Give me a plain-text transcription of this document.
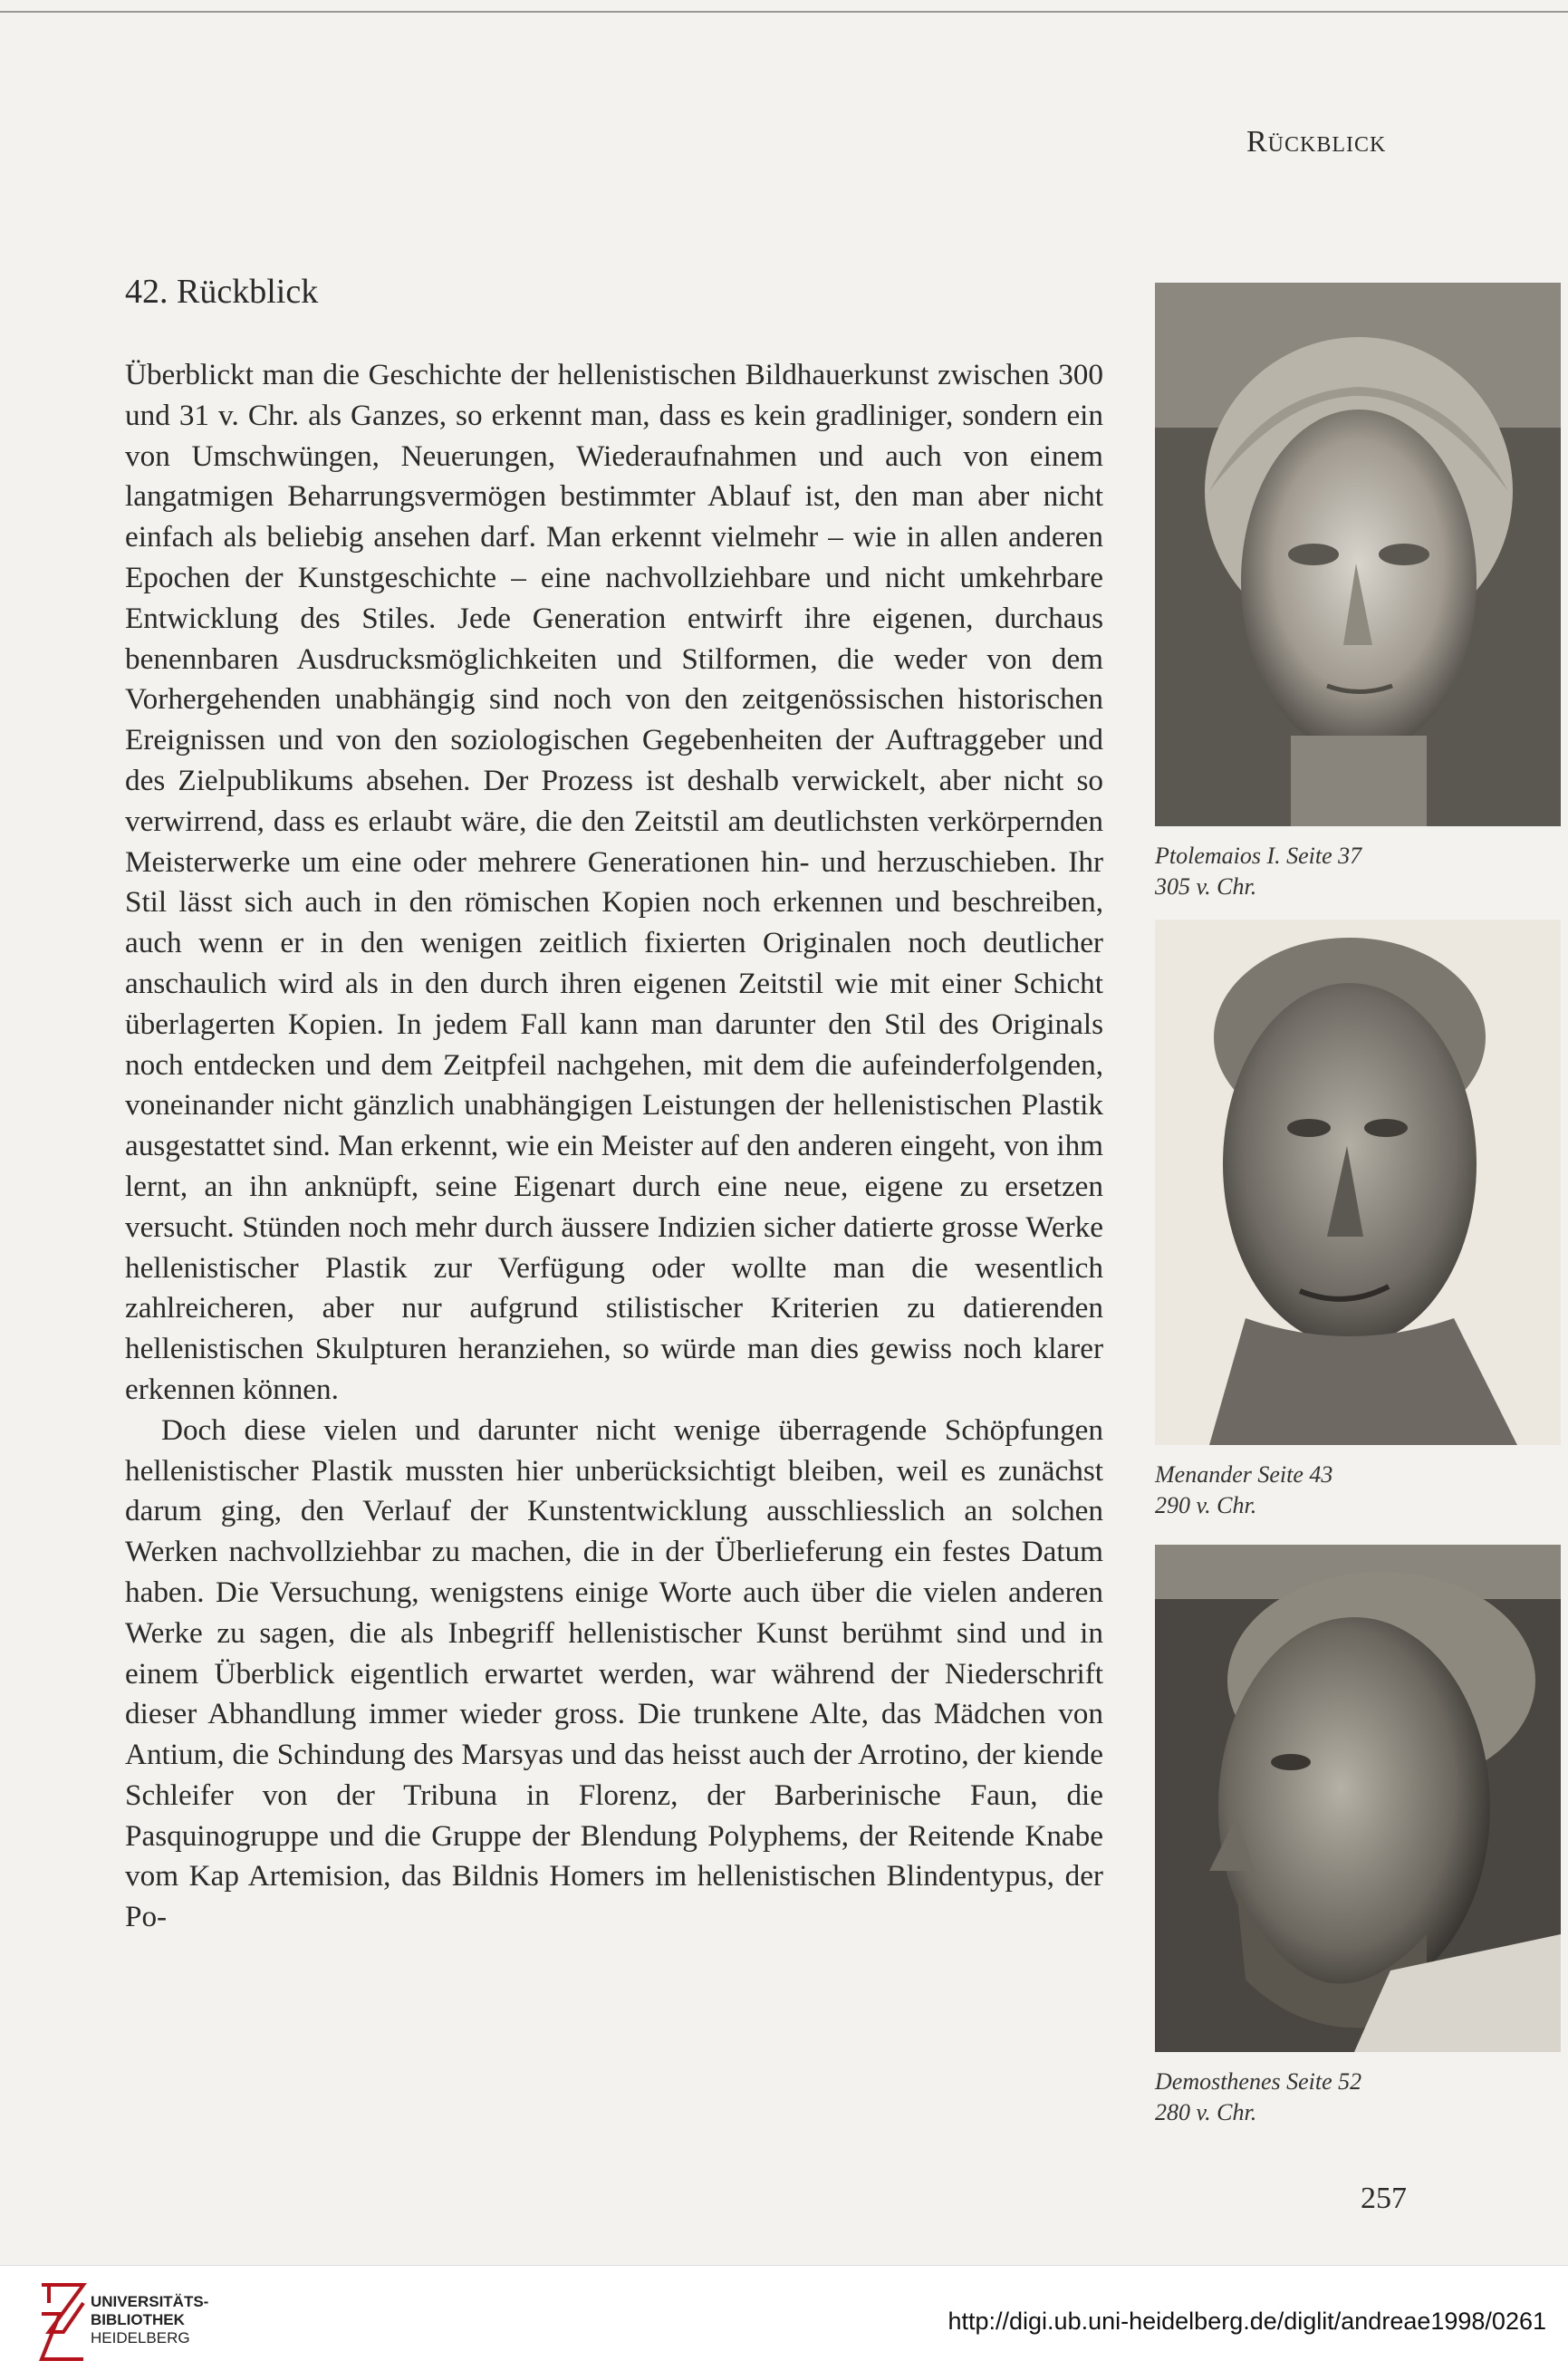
Rückblick
42. Rückblick

Überblickt man die Geschichte der hellenistischen Bildhauerkunst zwischen 300 und 31 v. Chr. als Ganzes, so erkennt man, dass es kein gradliniger, sondern ein von Umschwüngen, Neuerungen, Wiederaufnahmen und auch von einem langatmigen Beharrungsvermögen bestimmter Ablauf ist, den man aber nicht einfach als beliebig ansehen darf. Man erkennt vielmehr – wie in allen anderen Epochen der Kunstgeschichte – eine nachvollziehbare und nicht umkehrbare Entwicklung des Stiles. Jede Generation entwirft ihre eigenen, durchaus benennbaren Ausdrucksmöglichkeiten und Stilformen, die weder von dem Vorhergehenden unabhängig sind noch von den zeitgenössischen historischen Ereignissen und von den soziologischen Gegebenheiten der Auftraggeber und des Zielpublikums absehen. Der Prozess ist deshalb verwickelt, aber nicht so verwirrend, dass es erlaubt wäre, die den Zeitstil am deutlichsten verkörpernden Meisterwerke um eine oder mehrere Generationen hin- und herzuschieben. Ihr Stil lässt sich auch in den römischen Kopien noch erkennen und beschreiben, auch wenn er in den wenigen zeitlich fixierten Originalen noch deutlicher anschaulich wird als in den durch ihren eigenen Zeitstil wie mit einer Schicht überlagerten Kopien. In jedem Fall kann man darunter den Stil des Originals noch entdecken und dem Zeitpfeil nachgehen, mit dem die aufeinderfolgenden, voneinander nicht gänzlich unabhängigen Leistungen der hellenistischen Plastik ausgestattet sind. Man erkennt, wie ein Meister auf den anderen eingeht, von ihm lernt, an ihn anknüpft, seine Eigenart durch eine neue, eigene zu ersetzen versucht. Stünden noch mehr durch äussere Indizien sicher datierte grosse Werke hellenistischer Plastik zur Verfügung oder wollte man die wesentlich zahlreicheren, aber nur aufgrund stilistischer Kriterien zu datierenden hellenistischen Skulpturen heranziehen, so würde man dies gewiss noch klarer erkennen können.

Doch diese vielen und darunter nicht wenige überragende Schöpfungen hellenistischer Plastik mussten hier unberücksichtigt bleiben, weil es zunächst darum ging, den Verlauf der Kunstentwicklung ausschliesslich an solchen Werken nachvollziehbar zu machen, die in der Überlieferung ein festes Datum haben. Die Versuchung, wenigstens einige Worte auch über die vielen anderen Werke zu sagen, die als Inbegriff hellenistischer Kunst berühmt sind und in einem Überblick eigentlich erwartet werden, war während der Niederschrift dieser Abhandlung immer wieder gross. Die trunkene Alte, das Mädchen von Antium, die Schindung des Marsyas und das heisst auch der Arrotino, der kiende Schleifer von der Tribuna in Florenz, der Barberinische Faun, die Pasquinogruppe und die Gruppe der Blendung Polyphems, der Reitende Knabe vom Kap Artemision, das Bildnis Homers im hellenistischen Blindentypus, der Po-

Ptolemaios I. Seite 37
305 v. Chr.
Menander Seite 43
290 v. Chr.
Demosthenes Seite 52
280 v. Chr.
257
UNIVERSITÄTS-
BIBLIOTHEK
HEIDELBERG
http://digi.ub.uni-heidelberg.de/diglit/andreae1998/0261
